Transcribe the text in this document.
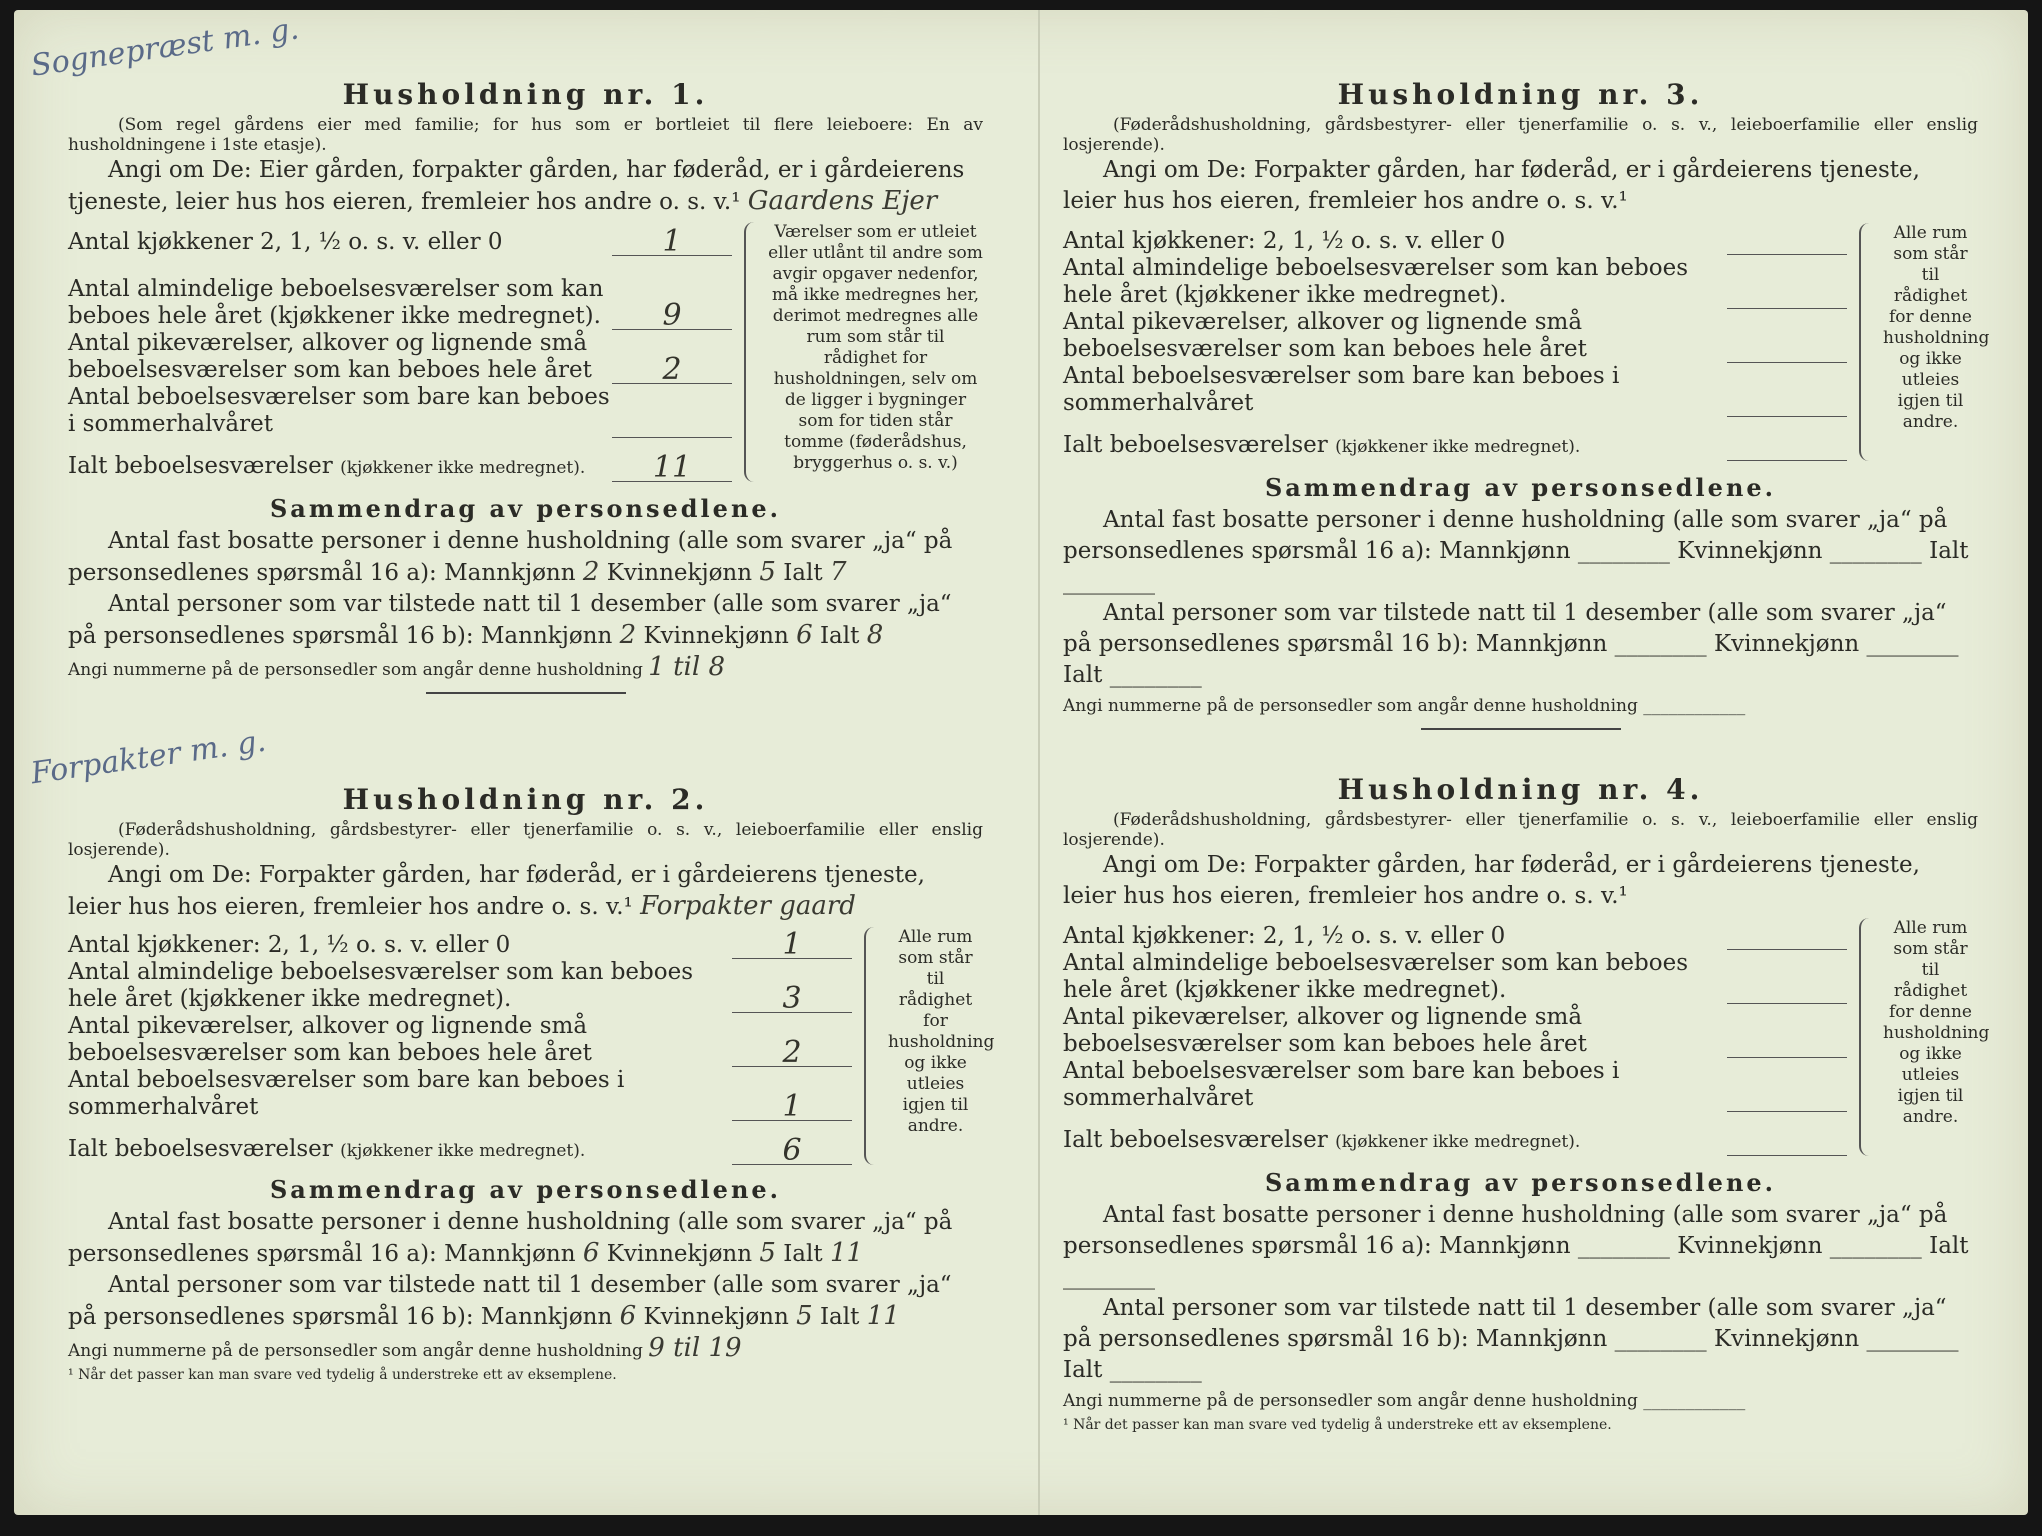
Sognepræst m. g.
Forpakter m. g.

Husholdning nr. 1.

(Som regel gårdens eier med familie; for hus som er bortleiet til flere leieboere: En av husholdningene i 1ste etasje).

Angi om De: Eier gården, forpakter gården, har føderåd, er i gårdeierens tjeneste, leier hus hos eieren, fremleier hos andre o. s. v.¹ Gaardens Ejer

Antal kjøkkener 2, 1, ½ o. s. v. eller 0	1
Antal almindelige beboelsesværelser som kan beboes hele året (kjøkkener ikke medregnet).	9
Antal pikeværelser, alkover og lignende små beboelsesværelser som kan beboes hele året	2
Antal beboelsesværelser som bare kan beboes i sommerhalvåret
Ialt beboelsesværelser (kjøkkener ikke medregnet).	11
Værelser som er utleiet eller utlånt til andre som avgir opgaver nedenfor, må ikke medregnes her, derimot medregnes alle rum som står til rådighet for husholdningen, selv om de ligger i bygninger som for tiden står tomme (føderådshus, bryggerhus o. s. v.)

Sammendrag av personsedlene.

Antal fast bosatte personer i denne husholdning (alle som svarer „ja“ på personsedlenes spørsmål 16 a): Mannkjønn 2 Kvinnekjønn 5 Ialt 7

Antal personer som var tilstede natt til 1 desember (alle som svarer „ja“ på personsedlenes spørsmål 16 b): Mannkjønn 2 Kvinnekjønn 6 Ialt 8

Angi nummerne på de personsedler som angår denne husholdning 1 til 8

Husholdning nr. 2.

(Føderådshusholdning, gårdsbestyrer- eller tjenerfamilie o. s. v., leieboerfamilie eller enslig losjerende).

Angi om De: Forpakter gården, har føderåd, er i gårdeierens tjeneste, leier hus hos eieren, fremleier hos andre o. s. v.¹ Forpakter gaard

Antal kjøkkener: 2, 1, ½ o. s. v. eller 0	1
Antal almindelige beboelsesværelser som kan beboes hele året (kjøkkener ikke medregnet).	3
Antal pikeværelser, alkover og lignende små beboelsesværelser som kan beboes hele året	2
Antal beboelsesværelser som bare kan beboes i sommerhalvåret	1
Ialt beboelsesværelser (kjøkkener ikke medregnet).	6
Alle rum som står til rådighet for husholdning og ikke utleies igjen til andre.

Sammendrag av personsedlene.

Antal fast bosatte personer i denne husholdning (alle som svarer „ja“ på personsedlenes spørsmål 16 a): Mannkjønn 6 Kvinnekjønn 5 Ialt 11

Antal personer som var tilstede natt til 1 desember (alle som svarer „ja“ på personsedlenes spørsmål 16 b): Mannkjønn 6 Kvinnekjønn 5 Ialt 11

Angi nummerne på de personsedler som angår denne husholdning 9 til 19

¹ Når det passer kan man svare ved tydelig å understreke ett av eksemplene.

Husholdning nr. 3.

(Føderådshusholdning, gårdsbestyrer- eller tjenerfamilie o. s. v., leieboerfamilie eller enslig losjerende).

Angi om De: Forpakter gården, har føderåd, er i gårdeierens tjeneste, leier hus hos eieren, fremleier hos andre o. s. v.¹

Antal kjøkkener: 2, 1, ½ o. s. v. eller 0
Antal almindelige beboelsesværelser som kan beboes hele året (kjøkkener ikke medregnet).
Antal pikeværelser, alkover og lignende små beboelsesværelser som kan beboes hele året
Antal beboelsesværelser som bare kan beboes i sommerhalvåret
Ialt beboelsesværelser (kjøkkener ikke medregnet).
Alle rum som står til rådighet for denne husholdning og ikke utleies igjen til andre.

Sammendrag av personsedlene.

Antal fast bosatte personer i denne husholdning (alle som svarer „ja“ på personsedlenes spørsmål 16 a): Mannkjønn ________ Kvinnekjønn ________ Ialt ________

Antal personer som var tilstede natt til 1 desember (alle som svarer „ja“ på personsedlenes spørsmål 16 b): Mannkjønn ________ Kvinnekjønn ________ Ialt ________

Angi nummerne på de personsedler som angår denne husholdning ____________

Husholdning nr. 4.

(Føderådshusholdning, gårdsbestyrer- eller tjenerfamilie o. s. v., leieboerfamilie eller enslig losjerende).

Angi om De: Forpakter gården, har føderåd, er i gårdeierens tjeneste, leier hus hos eieren, fremleier hos andre o. s. v.¹

Antal kjøkkener: 2, 1, ½ o. s. v. eller 0
Antal almindelige beboelsesværelser som kan beboes hele året (kjøkkener ikke medregnet).
Antal pikeværelser, alkover og lignende små beboelsesværelser som kan beboes hele året
Antal beboelsesværelser som bare kan beboes i sommerhalvåret
Ialt beboelsesværelser (kjøkkener ikke medregnet).
Alle rum som står til rådighet for denne husholdning og ikke utleies igjen til andre.

Sammendrag av personsedlene.

Antal fast bosatte personer i denne husholdning (alle som svarer „ja“ på personsedlenes spørsmål 16 a): Mannkjønn ________ Kvinnekjønn ________ Ialt ________

Antal personer som var tilstede natt til 1 desember (alle som svarer „ja“ på personsedlenes spørsmål 16 b): Mannkjønn ________ Kvinnekjønn ________ Ialt ________

Angi nummerne på de personsedler som angår denne husholdning ____________

¹ Når det passer kan man svare ved tydelig å understreke ett av eksemplene.
